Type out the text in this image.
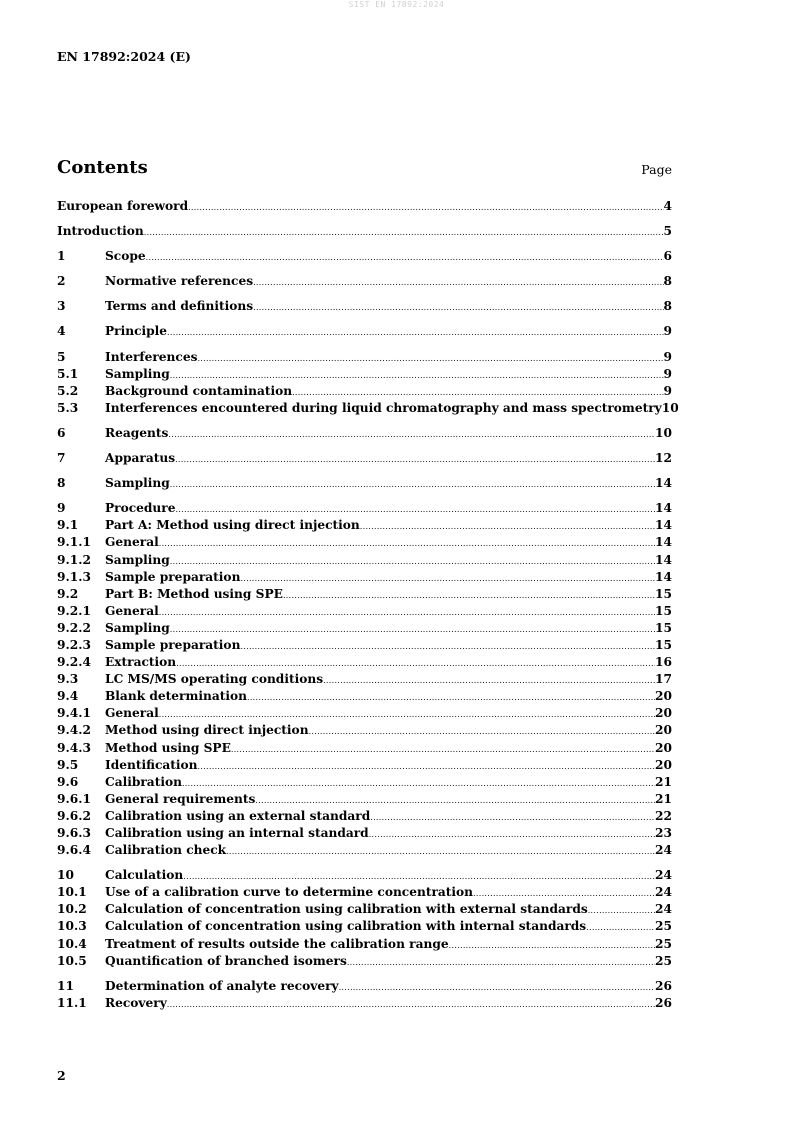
SIST EN 17892:2024
EN 17892:2024 (E)
Contents	Page
European foreword .....	4
Introduction .....	5
1	Scope .....	6
2	Normative references .....	8
3	Terms and definitions .....	8
4	Principle .....	9
5	Interferences .....	9
5.1	Sampling .....	9
5.2	Background contamination .....	9
5.3	Interferences encountered during liquid chromatography and mass spectrometry 10
6	Reagents .....	10
7	Apparatus .....	12
8	Sampling .....	14
9	Procedure .....	14
9.1	Part A: Method using direct injection .....	14
9.1.1	General .....	14
9.1.2	Sampling .....	14
9.1.3	Sample preparation .....	14
9.2	Part B: Method using SPE .....	15
9.2.1	General .....	15
9.2.2	Sampling .....	15
9.2.3	Sample preparation .....	15
9.2.4	Extraction .....	16
9.3	LC MS/MS operating conditions .....	17
9.4	Blank determination .....	20
9.4.1	General .....	20
9.4.2	Method using direct injection .....	20
9.4.3	Method using SPE .....	20
9.5	Identification .....	20
9.6	Calibration .....	21
9.6.1	General requirements .....	21
9.6.2	Calibration using an external standard .....	22
9.6.3	Calibration using an internal standard .....	23
9.6.4	Calibration check .....	24
10	Calculation .....	24
10.1	Use of a calibration curve to determine concentration .....	24
10.2	Calculation of concentration using calibration with external standards .....	24
10.3	Calculation of concentration using calibration with internal standards .....	25
10.4	Treatment of results outside the calibration range .....	25
10.5	Quantification of branched isomers .....	25
11	Determination of analyte recovery .....	26
11.1	Recovery .....	26
2
